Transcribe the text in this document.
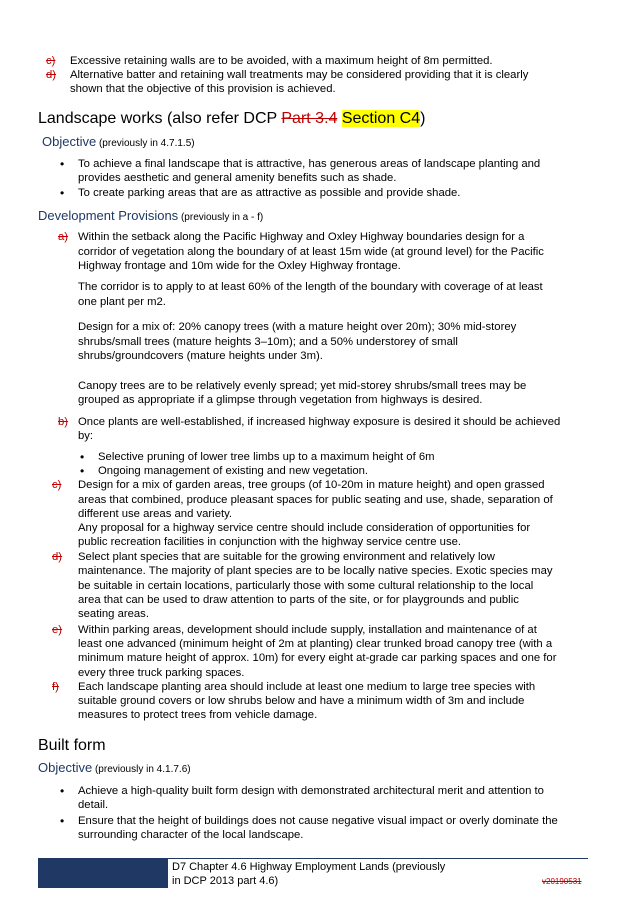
c) Excessive retaining walls are to be avoided, with a maximum height of 8m permitted.
d) Alternative batter and retaining wall treatments may be considered providing that it is clearly
shown that the objective of this provision is achieved.
Landscape works (also refer DCP Part 3.4 Section C4)
Objective (previously in 4.7.1.5)
• To achieve a final landscape that is attractive, has generous areas of landscape planting and
provides aesthetic and general amenity benefits such as shade.
• To create parking areas that are as attractive as possible and provide shade.
Development Provisions (previously in a - f)
a) Within the setback along the Pacific Highway and Oxley Highway boundaries design for a
corridor of vegetation along the boundary of at least 15m wide (at ground level) for the Pacific
Highway frontage and 10m wide for the Oxley Highway frontage.
The corridor is to apply to at least 60% of the length of the boundary with coverage of at least
one plant per m2.
Design for a mix of: 20% canopy trees (with a mature height over 20m); 30% mid-storey
shrubs/small trees (mature heights 3–10m); and a 50% understorey of small
shrubs/groundcovers (mature heights under 3m).
Canopy trees are to be relatively evenly spread; yet mid-storey shrubs/small trees may be
grouped as appropriate if a glimpse through vegetation from highways is desired.
b) Once plants are well-established, if increased highway exposure is desired it should be achieved
by:
• Selective pruning of lower tree limbs up to a maximum height of 6m
• Ongoing management of existing and new vegetation.
c) Design for a mix of garden areas, tree groups (of 10-20m in mature height) and open grassed
areas that combined, produce pleasant spaces for public seating and use, shade, separation of
different use areas and variety.
Any proposal for a highway service centre should include consideration of opportunities for
public recreation facilities in conjunction with the highway service centre use.
d) Select plant species that are suitable for the growing environment and relatively low
maintenance. The majority of plant species are to be locally native species. Exotic species may
be suitable in certain locations, particularly those with some cultural relationship to the local
area that can be used to draw attention to parts of the site, or for playgrounds and public
seating areas.
e) Within parking areas, development should include supply, installation and maintenance of at
least one advanced (minimum height of 2m at planting) clear trunked broad canopy tree (with a
minimum mature height of approx. 10m) for every eight at-grade car parking spaces and one for
every three truck parking spaces.
f) Each landscape planting area should include at least one medium to large tree species with
suitable ground covers or low shrubs below and have a minimum width of 3m and include
measures to protect trees from vehicle damage.
Built form
Objective (previously in 4.1.7.6)
• Achieve a high-quality built form design with demonstrated architectural merit and attention to
detail.
• Ensure that the height of buildings does not cause negative visual impact or overly dominate the
surrounding character of the local landscape.
D7 Chapter 4.6 Highway Employment Lands (previously
in DCP 2013 part 4.6)	v20190531
